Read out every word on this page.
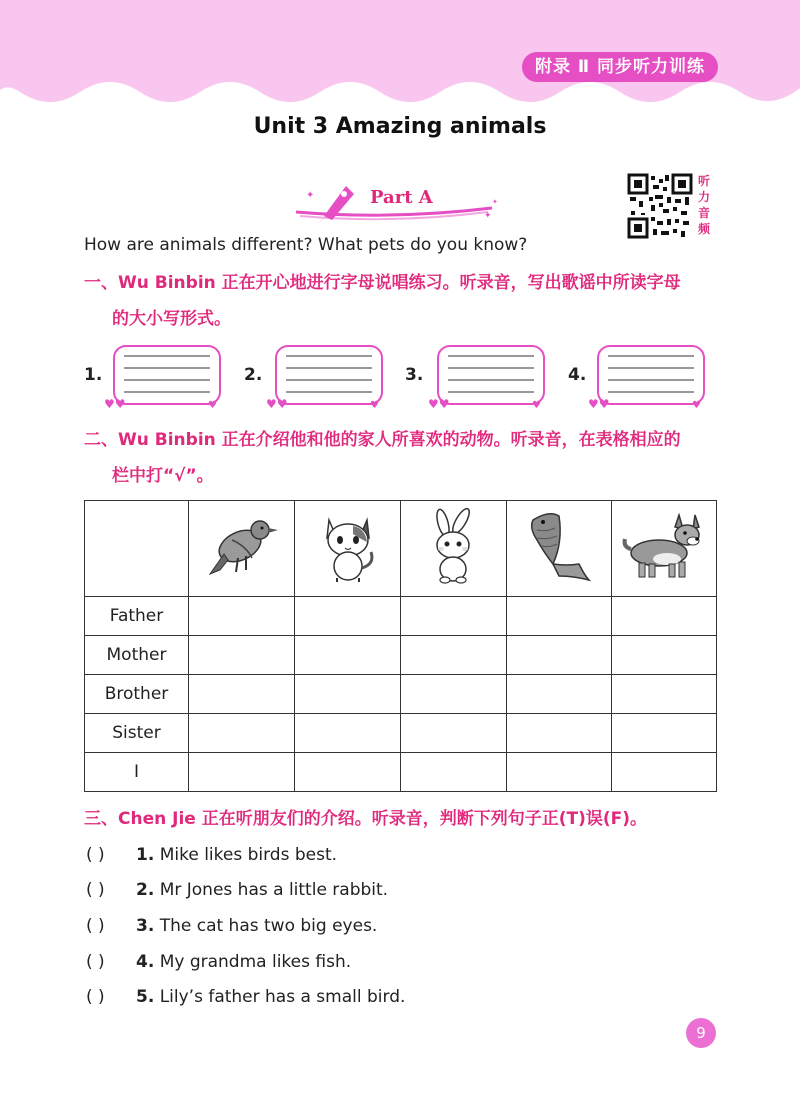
附录 Ⅱ 同步听力训练
Unit 3 Amazing animals
✦
✦
✦
Part A
听力音频
How are animals different? What pets do you know?
一、Wu Binbin 正在开心地进行字母说唱练习。听录音，写出歌谣中所读字母
的大小写形式。
1.	2.	3.	4.
♥♥	♥	♥♥	♥	♥♥	♥	♥♥	♥
二、Wu Binbin 正在介绍他和他的家人所喜欢的动物。听录音，在表格相应的
栏中打“√”。

Father					
Mother					
Brother					
Sister					
I					
三、Chen Jie 正在听朋友们的介绍。听录音，判断下列句子正(T)误(F)。
( ) 1. Mike likes birds best.
( ) 2. Mr Jones has a little rabbit.
( ) 3. The cat has two big eyes.
( ) 4. My grandma likes fish.
( ) 5. Lily’s father has a small bird.
9
